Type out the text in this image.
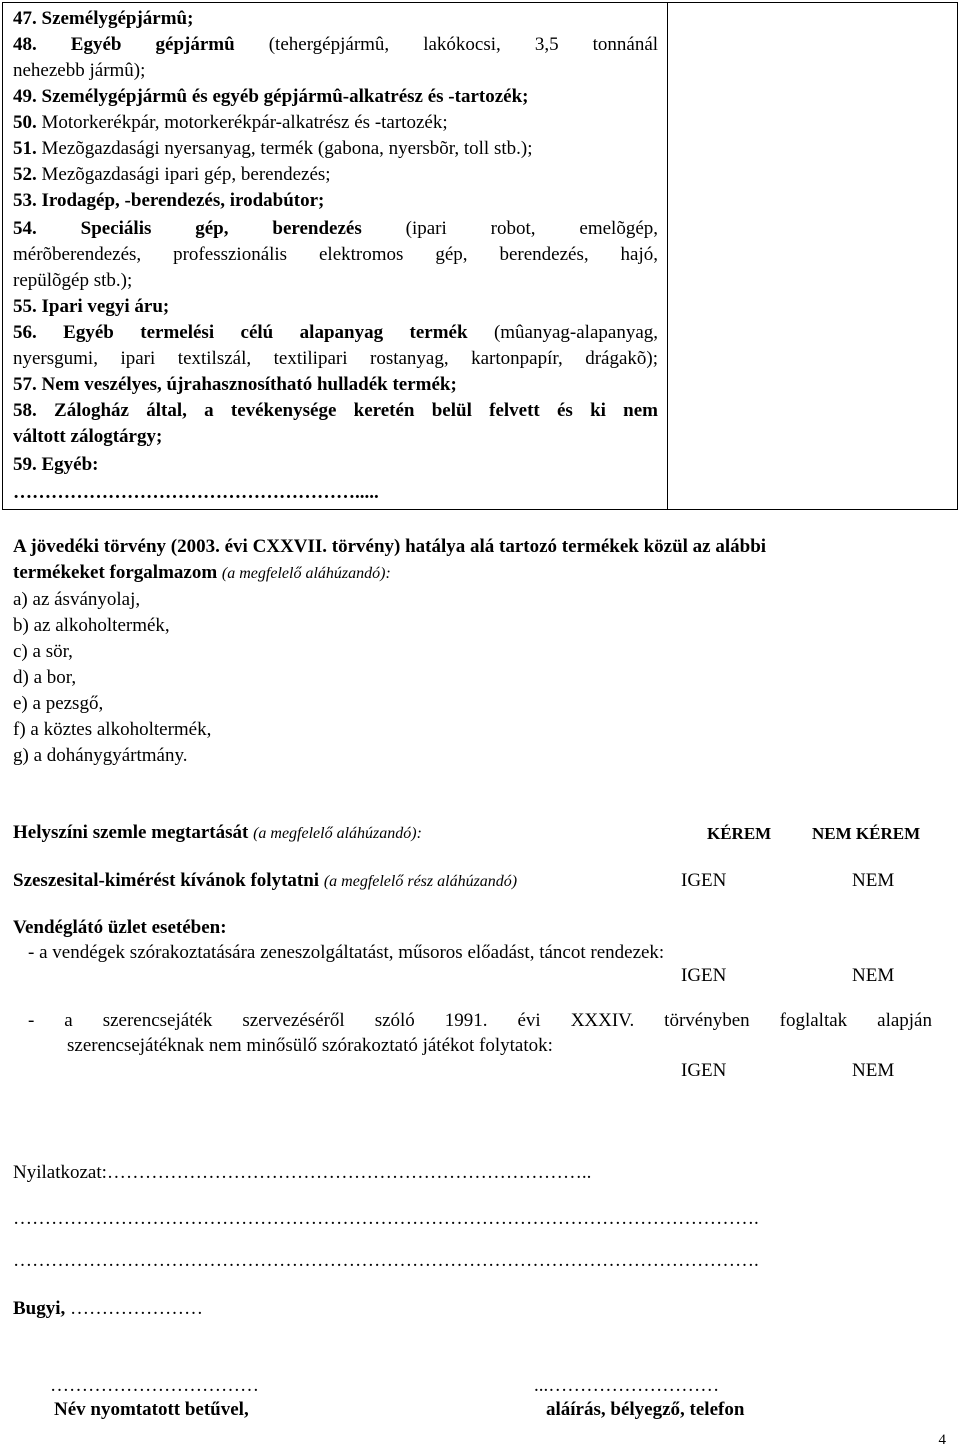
47. Személygépjármû;
48. Egyéb gépjármû (tehergépjármû, lakókocsi, 3,5 tonnánál
nehezebb jármû);
49. Személygépjármû és egyéb gépjármû-alkatrész és -tartozék;
50. Motorkerékpár, motorkerékpár-alkatrész és -tartozék;
51. Mezõgazdasági nyersanyag, termék (gabona, nyersbõr, toll stb.);
52. Mezõgazdasági ipari gép, berendezés;
53. Irodagép, -berendezés, irodabútor;
54. Speciális gép, berendezés (ipari robot, emelõgép,
mérõberendezés, professzionális elektromos gép, berendezés, hajó,
repülõgép stb.);
55. Ipari vegyi áru;
56. Egyéb termelési célú alapanyag termék (mûanyag-alapanyag,
nyersgumi, ipari textilszál, textilipari rostanyag, kartonpapír, drágakõ);
57. Nem veszélyes, újrahasznosítható hulladék termék;
58. Zálogház által, a tevékenysége keretén belül felvett és ki nem
váltott zálogtárgy;
59. Egyéb:
……………………………………………….....
A jövedéki törvény (2003. évi CXXVII. törvény) hatálya alá tartozó termékek közül az alábbi
termékeket forgalmazom (a megfelelő aláhúzandó):
a) az ásványolaj,
b) az alkoholtermék,
c) a sör,
d) a bor,
e) a pezsgő,
f) a köztes alkoholtermék,
g) a dohánygyártmány.
Helyszíni szemle megtartását (a megfelelő aláhúzandó):	KÉREM NEM KÉREM
Szeszesital-kimérést kívánok folytatni (a megfelelő rész aláhúzandó)	IGEN	NEM
Vendéglátó üzlet esetében:
- a vendégek szórakoztatására zeneszolgáltatást, műsoros előadást, táncot rendezek:
IGEN	NEM
- a szerencsejáték szervezéséről szóló 1991. évi XXXIV. törvényben foglaltak alapján
szerencsejátéknak nem minősülő szórakoztató játékot folytatok:
IGEN	NEM
Nyilatkozat:…………………………………………………………………..
……………………………………………………………………………………………………….
……………………………………………………………………………………………………….
Bugyi, …………………
……………………………	...………………………
Név nyomtatott betűvel,	aláírás, bélyegző, telefon
4
